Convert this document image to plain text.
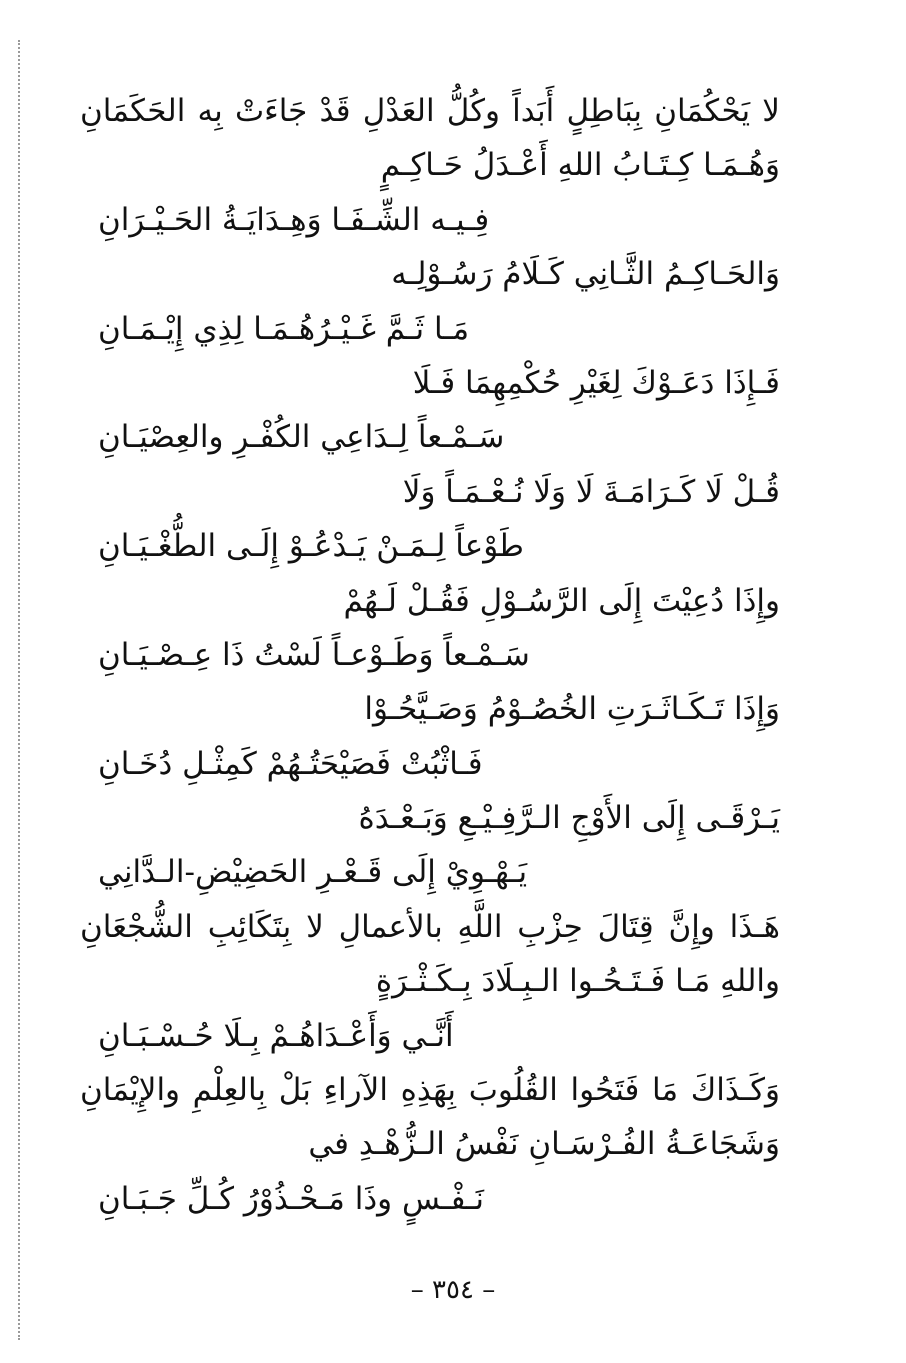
لا يَحْكُمَانِ بِبَاطِلٍ أَبَداً وكُلُّ العَدْلِ قَدْ جَاءَتْ بِه الحَكَمَانِ
وَهُـمَـا كِـتَـابُ اللهِ أَعْـدَلُ حَـاكِـمٍ
فِـيـه الشِّـفَـا وَهِـدَايَـةُ الحَـيْـرَانِ
وَالحَـاكِـمُ الثَّـانِي كَـلَامُ رَسُـوْلِـه
مَـا ثَـمَّ غَـيْـرُهُـمَـا لِذِي إِيْـمَـانِ
فَـإِذَا دَعَـوْكَ لِغَيْرِ حُكْمِهِمَا فَـلَا
سَـمْـعاً لِـدَاعِي الكُفْـرِ والعِصْيَـانِ
قُـلْ لَا كَـرَامَـةَ لَا وَلَا نُـعْـمَـاً وَلَا
طَوْعاً لِـمَـنْ يَـدْعُـوْ إِلَـى الطُّغْـيَـانِ
وإِذَا دُعِيْتَ إِلَى الرَّسُـوْلِ فَقُـلْ لَـهُمْ
سَـمْـعاً وَطَـوْعـاً لَسْتُ ذَا عِـصْـيَـانِ
وَإِذَا تَـكَـاثَـرَتِ الخُصُـوْمُ وَصَـيَّحُـوْا
فَـاثْبُتْ فَصَيْحَتُـهُمْ كَمِثْـلِ دُخَـانِ
يَـرْقَـى إِلَى الأَوْجِ الـرَّفِـيْـعِ وَبَـعْـدَهُ
يَـهْـوِيْ إِلَى قَـعْـرِ الحَضِيْضِ-الـدَّانِي
هَـذَا وإِنَّ قِتَالَ حِزْبِ اللَّهِ بالأعمالِ لا بِتَكَائِبِ الشُّجْعَانِ
واللهِ مَـا فَـتَـحُـوا الـبِـلَادَ بِـكَـثْـرَةٍ
أَنَّـي وَأَعْـدَاهُـمْ بِـلَا حُـسْـبَـانِ
وَكَـذَاكَ مَا فَتَحُوا القُلُوبَ بِهَذِهِ الآراءِ بَلْ بِالعِلْمِ والإِيْمَانِ
وَشَجَاعَـةُ الفُـرْسَـانِ نَفْسُ الـزُّهْـدِ في
نَـفْـسٍ وذَا مَـحْـذُوْرُ كُـلِّ جَـبَـانِ
– ٣٥٤ –
